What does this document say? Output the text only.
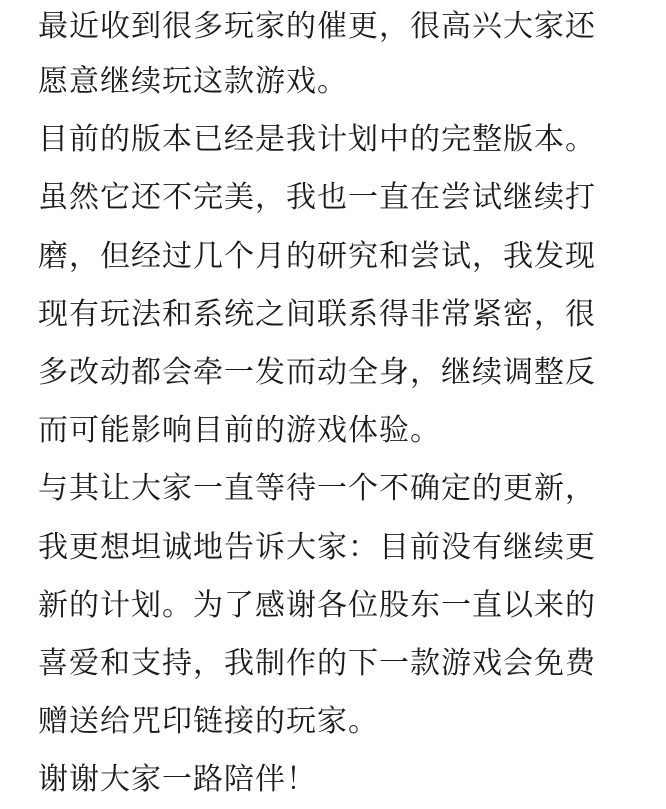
最近收到很多玩家的催更，很高兴大家还
愿意继续玩这款游戏。
目前的版本已经是我计划中的完整版本。
虽然它还不完美，我也一直在尝试继续打
磨，但经过几个月的研究和尝试，我发现
现有玩法和系统之间联系得非常紧密，很
多改动都会牵一发而动全身，继续调整反
而可能影响目前的游戏体验。
与其让大家一直等待一个不确定的更新，
我更想坦诚地告诉大家：目前没有继续更
新的计划。为了感谢各位股东一直以来的
喜爱和支持，我制作的下一款游戏会免费
赠送给咒印链接的玩家。
谢谢大家一路陪伴！
